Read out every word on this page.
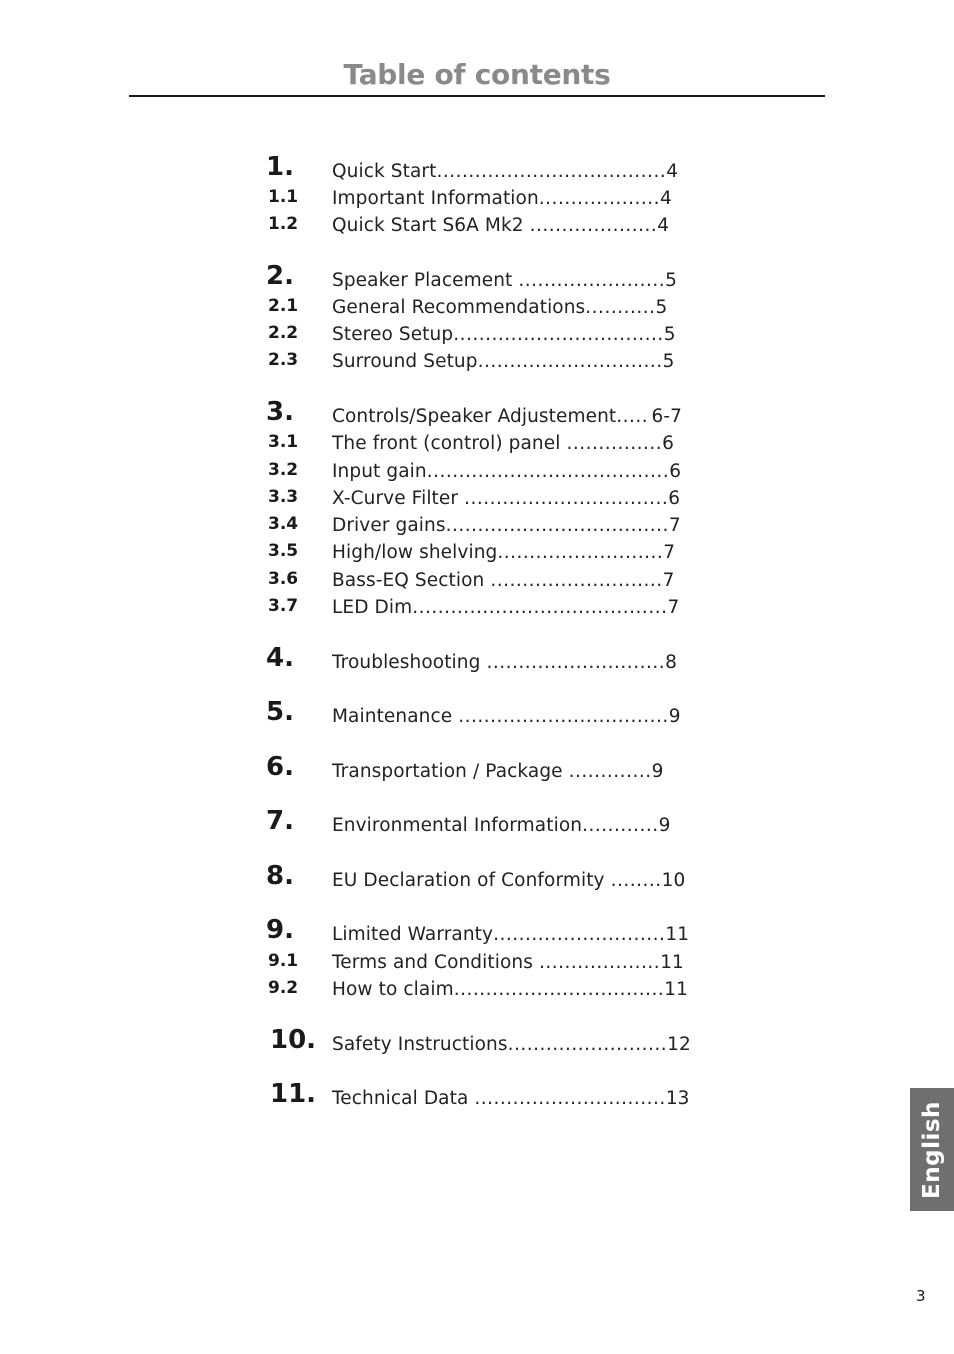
Table of contents
1. Quick Start .................................... 4
1.1 Important Information ................... 4
1.2 Quick Start S6A Mk2 .................... 4
2. Speaker Placement ....................... 5
2.1 General Recommendations ........... 5
2.2 Stereo Setup ................................. 5
2.3 Surround Setup ............................. 5
3. Controls/Speaker Adjustement ..... 6-7
3.1 The front (control) panel ............... 6
3.2 Input gain ...................................... 6
3.3 X-Curve Filter ................................ 6
3.4 Driver gains ................................... 7
3.5 High/low shelving .......................... 7
3.6 Bass-EQ Section ........................... 7
3.7 LED Dim ........................................ 7
4. Troubleshooting ............................ 8
5. Maintenance ................................. 9
6. Transportation / Package ............. 9
7. Environmental Information ............ 9
8. EU Declaration of Conformity ........ 10
9. Limited Warranty ........................... 11
9.1 Terms and Conditions ................... 11
9.2 How to claim ................................. 11
10. Safety Instructions ......................... 12
11. Technical Data .............................. 13
English
3
